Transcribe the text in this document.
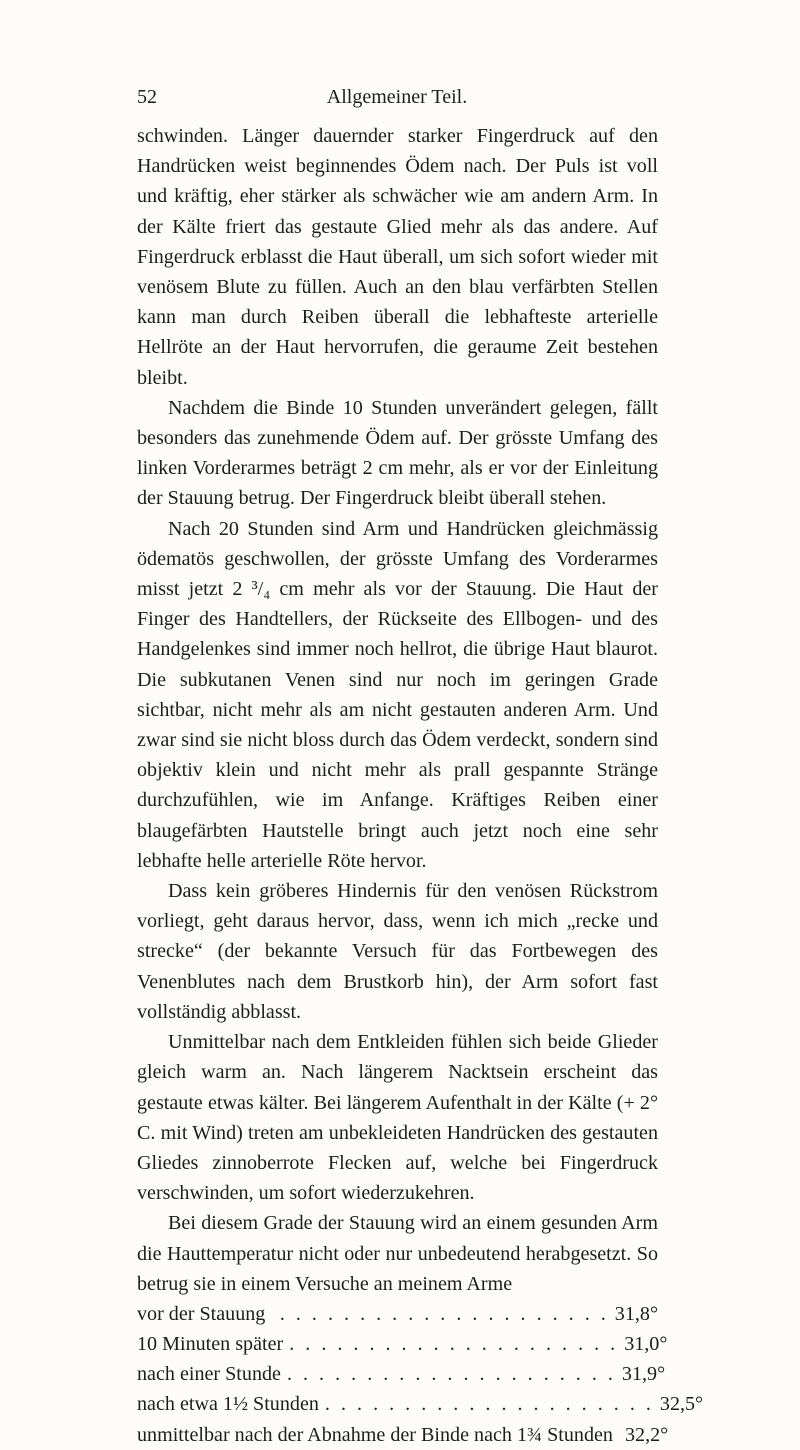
52	Allgemeiner Teil.

schwinden. Länger dauernder starker Fingerdruck auf den Handrücken weist beginnendes Ödem nach. Der Puls ist voll und kräftig, eher stärker als schwächer wie am andern Arm. In der Kälte friert das gestaute Glied mehr als das andere. Auf Fingerdruck erblasst die Haut überall, um sich sofort wieder mit venösem Blute zu füllen. Auch an den blau verfärbten Stellen kann man durch Reiben überall die lebhafteste arterielle Hellröte an der Haut hervorrufen, die geraume Zeit bestehen bleibt.

Nachdem die Binde 10 Stunden unverändert gelegen, fällt besonders das zunehmende Ödem auf. Der grösste Umfang des linken Vorderarmes beträgt 2 cm mehr, als er vor der Einleitung der Stauung betrug. Der Fingerdruck bleibt überall stehen.

Nach 20 Stunden sind Arm und Handrücken gleichmässig ödematös geschwollen, der grösste Umfang des Vorderarmes misst jetzt 2 ³/₄ cm mehr als vor der Stauung. Die Haut der Finger des Handtellers, der Rückseite des Ellbogen- und des Handgelenkes sind immer noch hellrot, die übrige Haut blaurot. Die subkutanen Venen sind nur noch im geringen Grade sichtbar, nicht mehr als am nicht gestauten anderen Arm. Und zwar sind sie nicht bloss durch das Ödem verdeckt, sondern sind objektiv klein und nicht mehr als prall gespannte Stränge durchzufühlen, wie im Anfange. Kräftiges Reiben einer blaugefärbten Hautstelle bringt auch jetzt noch eine sehr lebhafte helle arterielle Röte hervor.

Dass kein gröberes Hindernis für den venösen Rückstrom vorliegt, geht daraus hervor, dass, wenn ich mich „recke und strecke“ (der bekannte Versuch für das Fortbewegen des Venenblutes nach dem Brustkorb hin), der Arm sofort fast vollständig abblasst.

Unmittelbar nach dem Entkleiden fühlen sich beide Glieder gleich warm an. Nach längerem Nacktsein erscheint das gestaute etwas kälter. Bei längerem Aufenthalt in der Kälte (+ 2° C. mit Wind) treten am unbekleideten Handrücken des gestauten Gliedes zinnoberrote Flecken auf, welche bei Fingerdruck verschwinden, um sofort wiederzukehren.

Bei diesem Grade der Stauung wird an einem gesunden Arm die Hauttemperatur nicht oder nur unbedeutend herabgesetzt. So betrug sie in einem Versuche an meinem Arme

vor der Stauung . . . . . . . . . . . . . . . . . . . . . 31,8°
10 Minuten später . . . . . . . . . . . . . . . . . . . . . 31,0°
nach einer Stunde . . . . . . . . . . . . . . . . . . . . . 31,9°
nach etwa 1½ Stunden . . . . . . . . . . . . . . . . . . . . . 32,5°
unmittelbar nach der Abnahme der Binde nach 1¾ Stunden 32,2°
